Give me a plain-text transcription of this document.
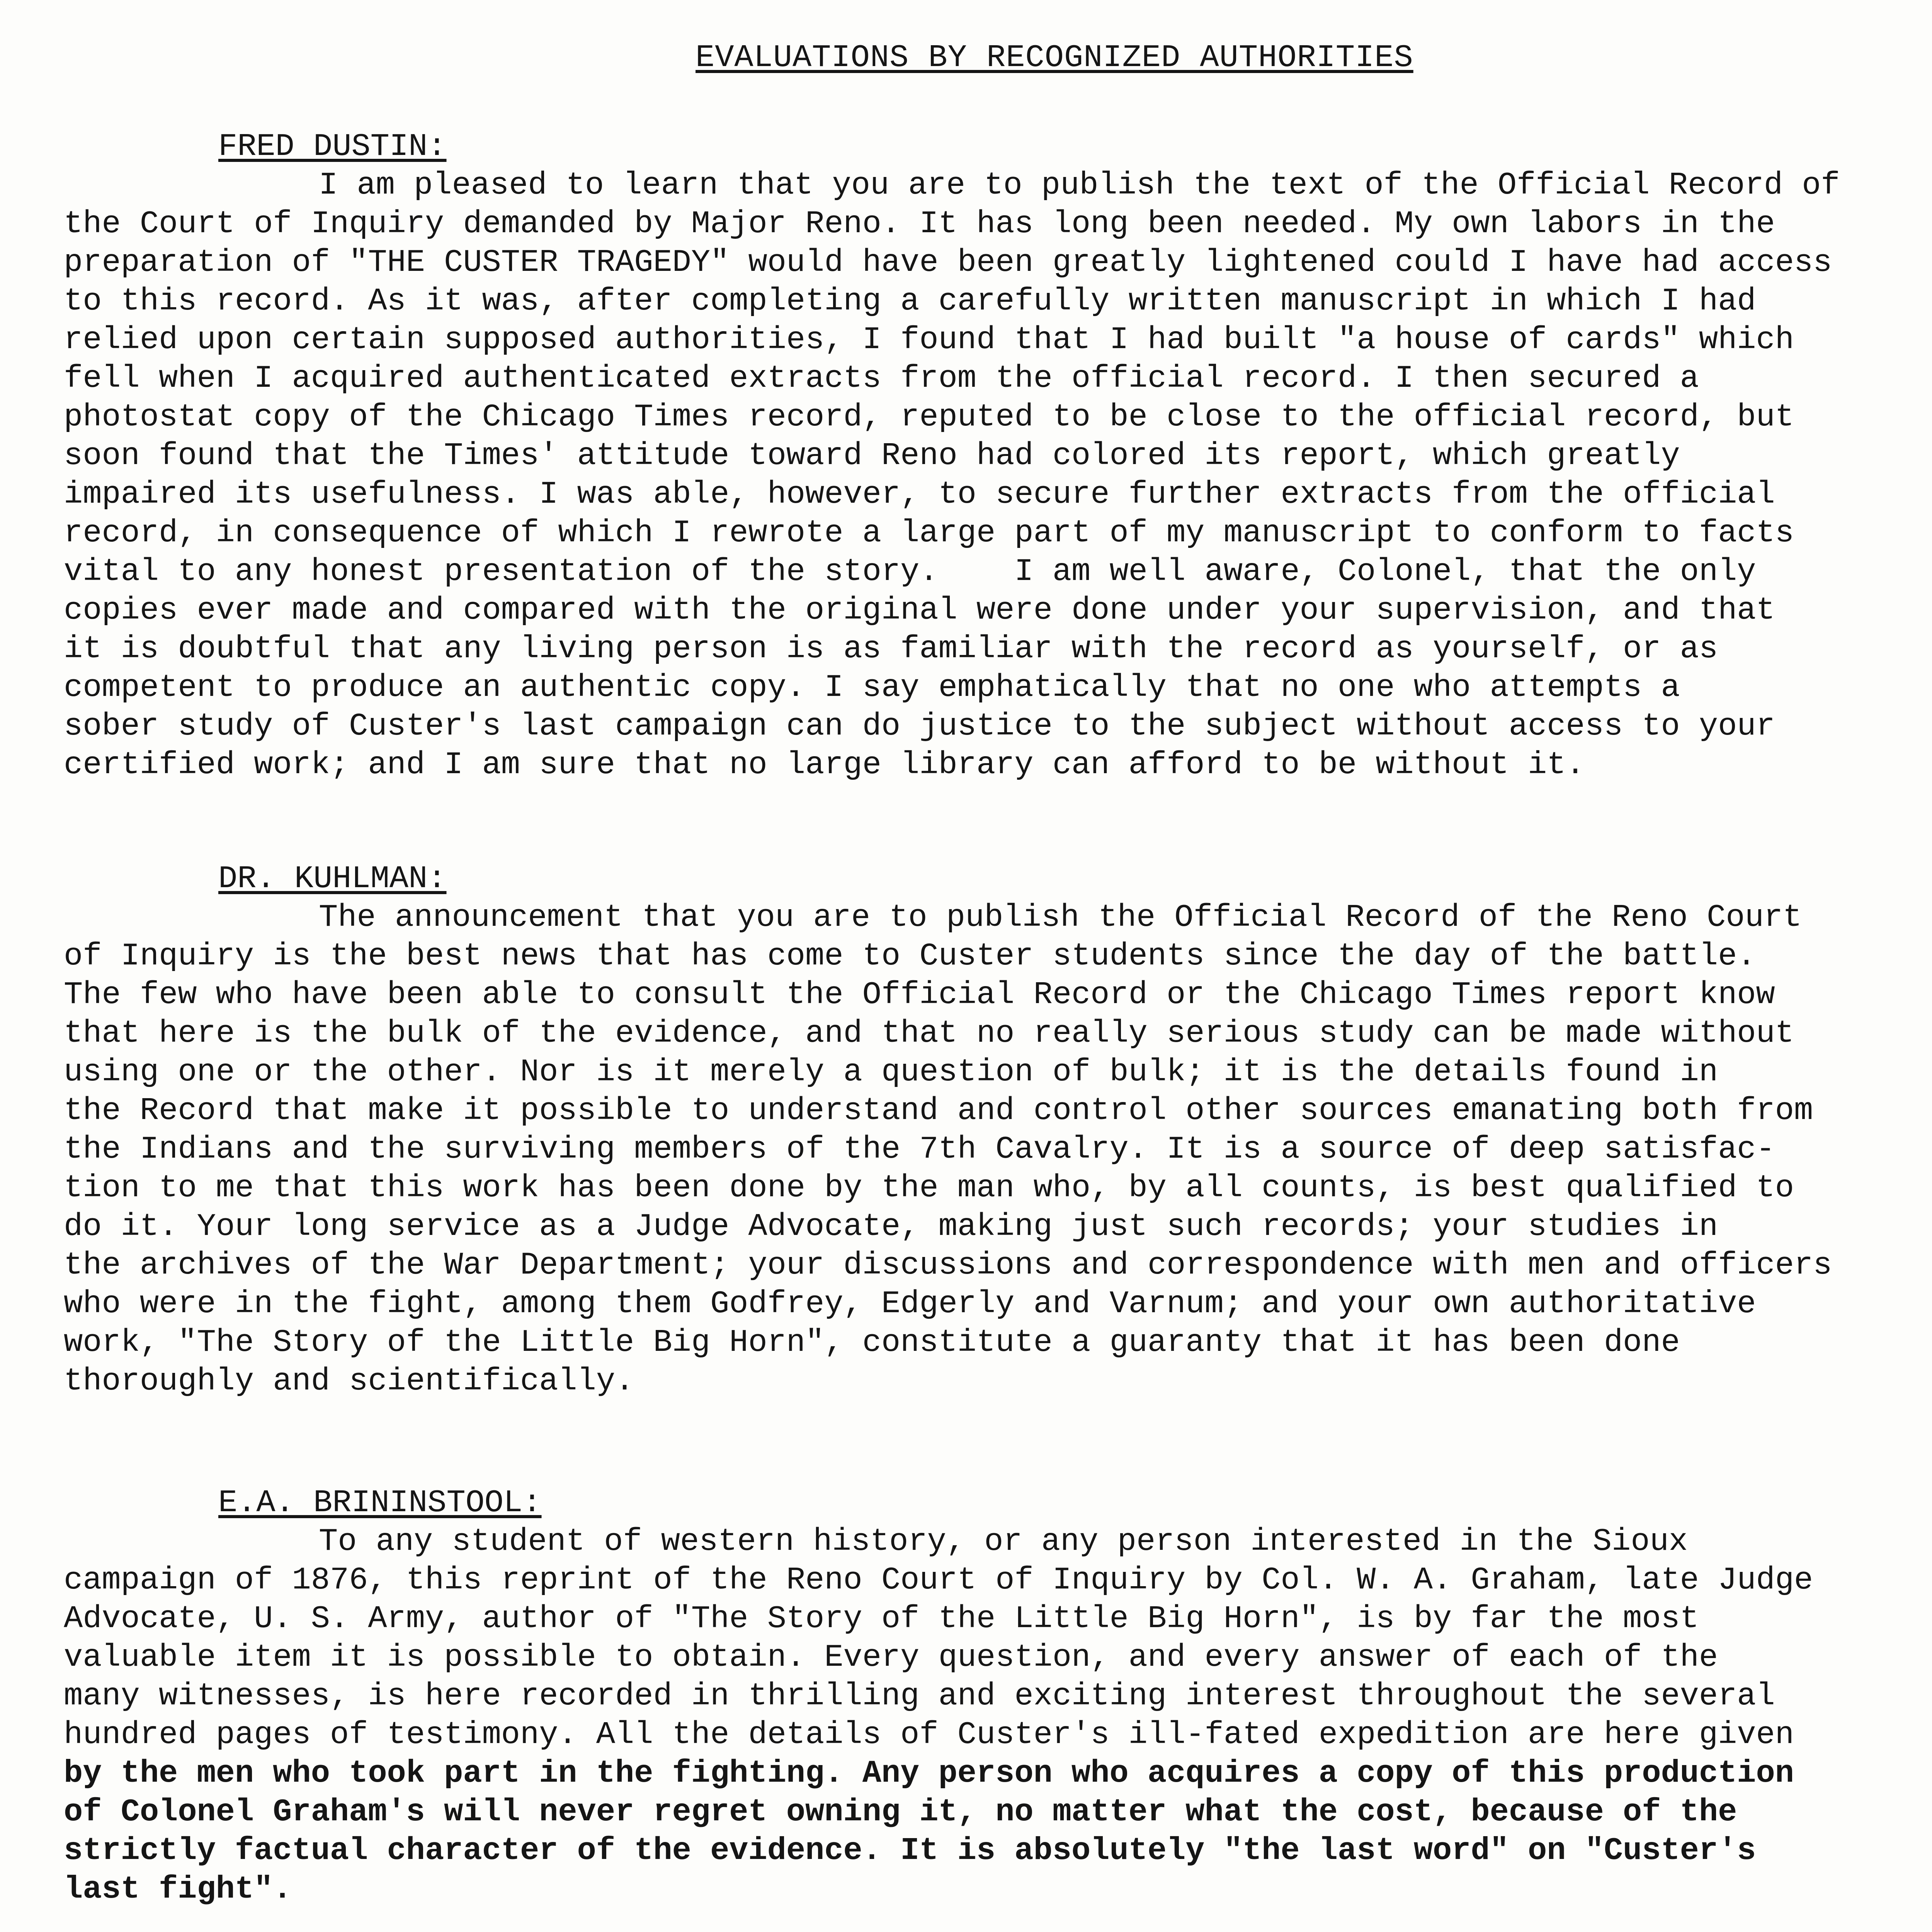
EVALUATIONS BY RECOGNIZED AUTHORITIES
FRED DUSTIN:
I am pleased to learn that you are to publish the text of the Official Record of
the Court of Inquiry demanded by Major Reno. It has long been needed. My own labors in the
preparation of "THE CUSTER TRAGEDY" would have been greatly lightened could I have had access
to this record. As it was, after completing a carefully written manuscript in which I had
relied upon certain supposed authorities, I found that I had built "a house of cards" which
fell when I acquired authenticated extracts from the official record. I then secured a
photostat copy of the Chicago Times record, reputed to be close to the official record, but
soon found that the Times' attitude toward Reno had colored its report, which greatly
impaired its usefulness. I was able, however, to secure further extracts from the official
record, in consequence of which I rewrote a large part of my manuscript to conform to facts
vital to any honest presentation of the story.    I am well aware, Colonel, that the only
copies ever made and compared with the original were done under your supervision, and that
it is doubtful that any living person is as familiar with the record as yourself, or as
competent to produce an authentic copy. I say emphatically that no one who attempts a
sober study of Custer's last campaign can do justice to the subject without access to your
certified work; and I am sure that no large library can afford to be without it.
DR. KUHLMAN:
The announcement that you are to publish the Official Record of the Reno Court
of Inquiry is the best news that has come to Custer students since the day of the battle.
The few who have been able to consult the Official Record or the Chicago Times report know
that here is the bulk of the evidence, and that no really serious study can be made without
using one or the other. Nor is it merely a question of bulk; it is the details found in
the Record that make it possible to understand and control other sources emanating both from
the Indians and the surviving members of the 7th Cavalry. It is a source of deep satisfac-
tion to me that this work has been done by the man who, by all counts, is best qualified to
do it. Your long service as a Judge Advocate, making just such records; your studies in
the archives of the War Department; your discussions and correspondence with men and officers
who were in the fight, among them Godfrey, Edgerly and Varnum; and your own authoritative
work, "The Story of the Little Big Horn", constitute a guaranty that it has been done
thoroughly and scientifically.
E.A. BRININSTOOL:
To any student of western history, or any person interested in the Sioux
campaign of 1876, this reprint of the Reno Court of Inquiry by Col. W. A. Graham, late Judge
Advocate, U. S. Army, author of "The Story of the Little Big Horn", is by far the most
valuable item it is possible to obtain. Every question, and every answer of each of the
many witnesses, is here recorded in thrilling and exciting interest throughout the several
hundred pages of testimony. All the details of Custer's ill-fated expedition are here given
by the men who took part in the fighting. Any person who acquires a copy of this production
of Colonel Graham's will never regret owning it, no matter what the cost, because of the
strictly factual character of the evidence. It is absolutely "the last word" on "Custer's
last fight".
